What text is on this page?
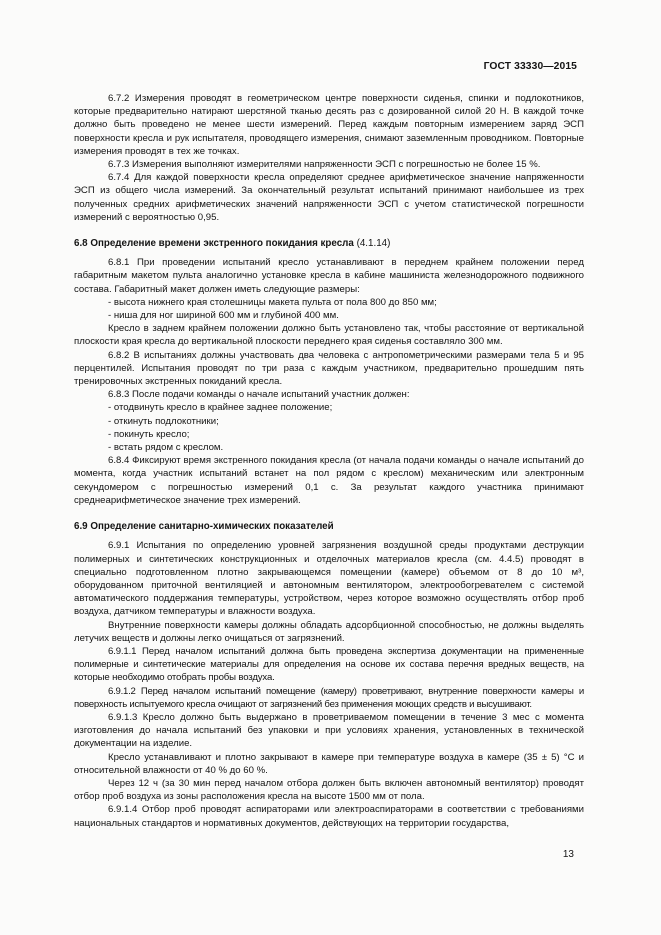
ГОСТ 33330—2015

6.7.2 Измерения проводят в геометрическом центре поверхности сиденья, спинки и подлокотников, которые предварительно натирают шерстяной тканью десять раз с дозированной силой 20 Н. В каждой точке должно быть проведено не менее шести измерений. Перед каждым повторным измерением заряд ЭСП поверхности кресла и рук испытателя, проводящего измерения, снимают заземленным проводником. Повторные измерения проводят в тех же точках.

6.7.3 Измерения выполняют измерителями напряженности ЭСП с погрешностью не более 15 %.

6.7.4 Для каждой поверхности кресла определяют среднее арифметическое значение напряженности ЭСП из общего числа измерений. За окончательный результат испытаний принимают наибольшее из трех полученных средних арифметических значений напряженности ЭСП с учетом статистической погрешности измерений с вероятностью 0,95.

6.8 Определение времени экстренного покидания кресла (4.1.14)

6.8.1 При проведении испытаний кресло устанавливают в переднем крайнем положении перед габаритным макетом пульта аналогично установке кресла в кабине машиниста железнодорожного подвижного состава. Габаритный макет должен иметь следующие размеры:

- высота нижнего края столешницы макета пульта от пола 800 до 850 мм;

- ниша для ног шириной 600 мм и глубиной 400 мм.

Кресло в заднем крайнем положении должно быть установлено так, чтобы расстояние от вертикальной плоскости края кресла до вертикальной плоскости переднего края сиденья составляло 300 мм.

6.8.2 В испытаниях должны участвовать два человека с антропометрическими размерами тела 5 и 95 перцентилей. Испытания проводят по три раза с каждым участником, предварительно прошедшим пять тренировочных экстренных покиданий кресла.

6.8.3 После подачи команды о начале испытаний участник должен:

- отодвинуть кресло в крайнее заднее положение;

- откинуть подлокотники;

- покинуть кресло;

- встать рядом с креслом.

6.8.4 Фиксируют время экстренного покидания кресла (от начала подачи команды о начале испытаний до момента, когда участник испытаний встанет на пол рядом с креслом) механическим или электронным секундомером с погрешностью измерений 0,1 с. За результат каждого участника принимают среднеарифметическое значение трех измерений.

6.9 Определение санитарно-химических показателей

6.9.1 Испытания по определению уровней загрязнения воздушной среды продуктами деструкции полимерных и синтетических конструкционных и отделочных материалов кресла (см. 4.4.5) проводят в специально подготовленном плотно закрывающемся помещении (камере) объемом от 8 до 10 м³, оборудованном приточной вентиляцией и автономным вентилятором, электрообогревателем с системой автоматического поддержания температуры, устройством, через которое возможно осуществлять отбор проб воздуха, датчиком температуры и влажности воздуха.

Внутренние поверхности камеры должны обладать адсорбционной способностью, не должны выделять летучих веществ и должны легко очищаться от загрязнений.

6.9.1.1 Перед началом испытаний должна быть проведена экспертиза документации на примененные полимерные и синтетические материалы для определения на основе их состава перечня вредных веществ, на которые необходимо отобрать пробы воздуха.

6.9.1.2 Перед началом испытаний помещение (камеру) проветривают, внутренние поверхности камеры и поверхность испытуемого кресла очищают от загрязнений без применения моющих средств и высушивают.

6.9.1.3 Кресло должно быть выдержано в проветриваемом помещении в течение 3 мес с момента изготовления до начала испытаний без упаковки и при условиях хранения, установленных в технической документации на изделие.

Кресло устанавливают и плотно закрывают в камере при температуре воздуха в камере (35 ± 5) °С и относительной влажности от 40 % до 60 %.

Через 12 ч (за 30 мин перед началом отбора должен быть включен автономный вентилятор) проводят отбор проб воздуха из зоны расположения кресла на высоте 1500 мм от пола.

6.9.1.4 Отбор проб проводят аспираторами или электроаспираторами в соответствии с требованиями национальных стандартов и нормативных документов, действующих на территории государства,

13
